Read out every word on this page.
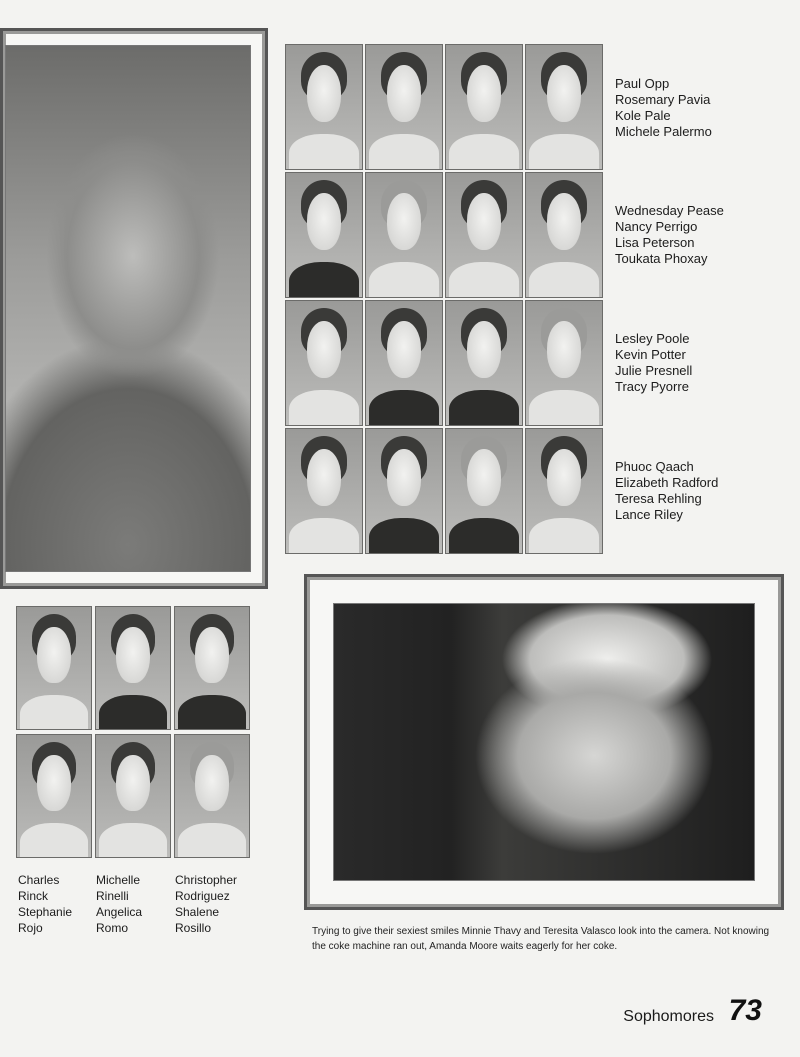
Paul Opp
Rosemary Pavia
Kole Pale
Michele Palermo
Wednesday Pease
Nancy Perrigo
Lisa Peterson
Toukata Phoxay
Lesley Poole
Kevin Potter
Julie Presnell
Tracy Pyorre
Phuoc Qaach
Elizabeth Radford
Teresa Rehling
Lance Riley
Charles
Rinck
Stephanie
Rojo
Michelle
Rinelli
Angelica
Romo
Christopher
Rodriguez
Shalene
Rosillo	Trying to give their sexiest smiles Minnie Thavy and Teresita Valasco look into the camera. Not knowing the coke machine ran out, Amanda Moore waits eagerly for her coke.
Sophomores 73
